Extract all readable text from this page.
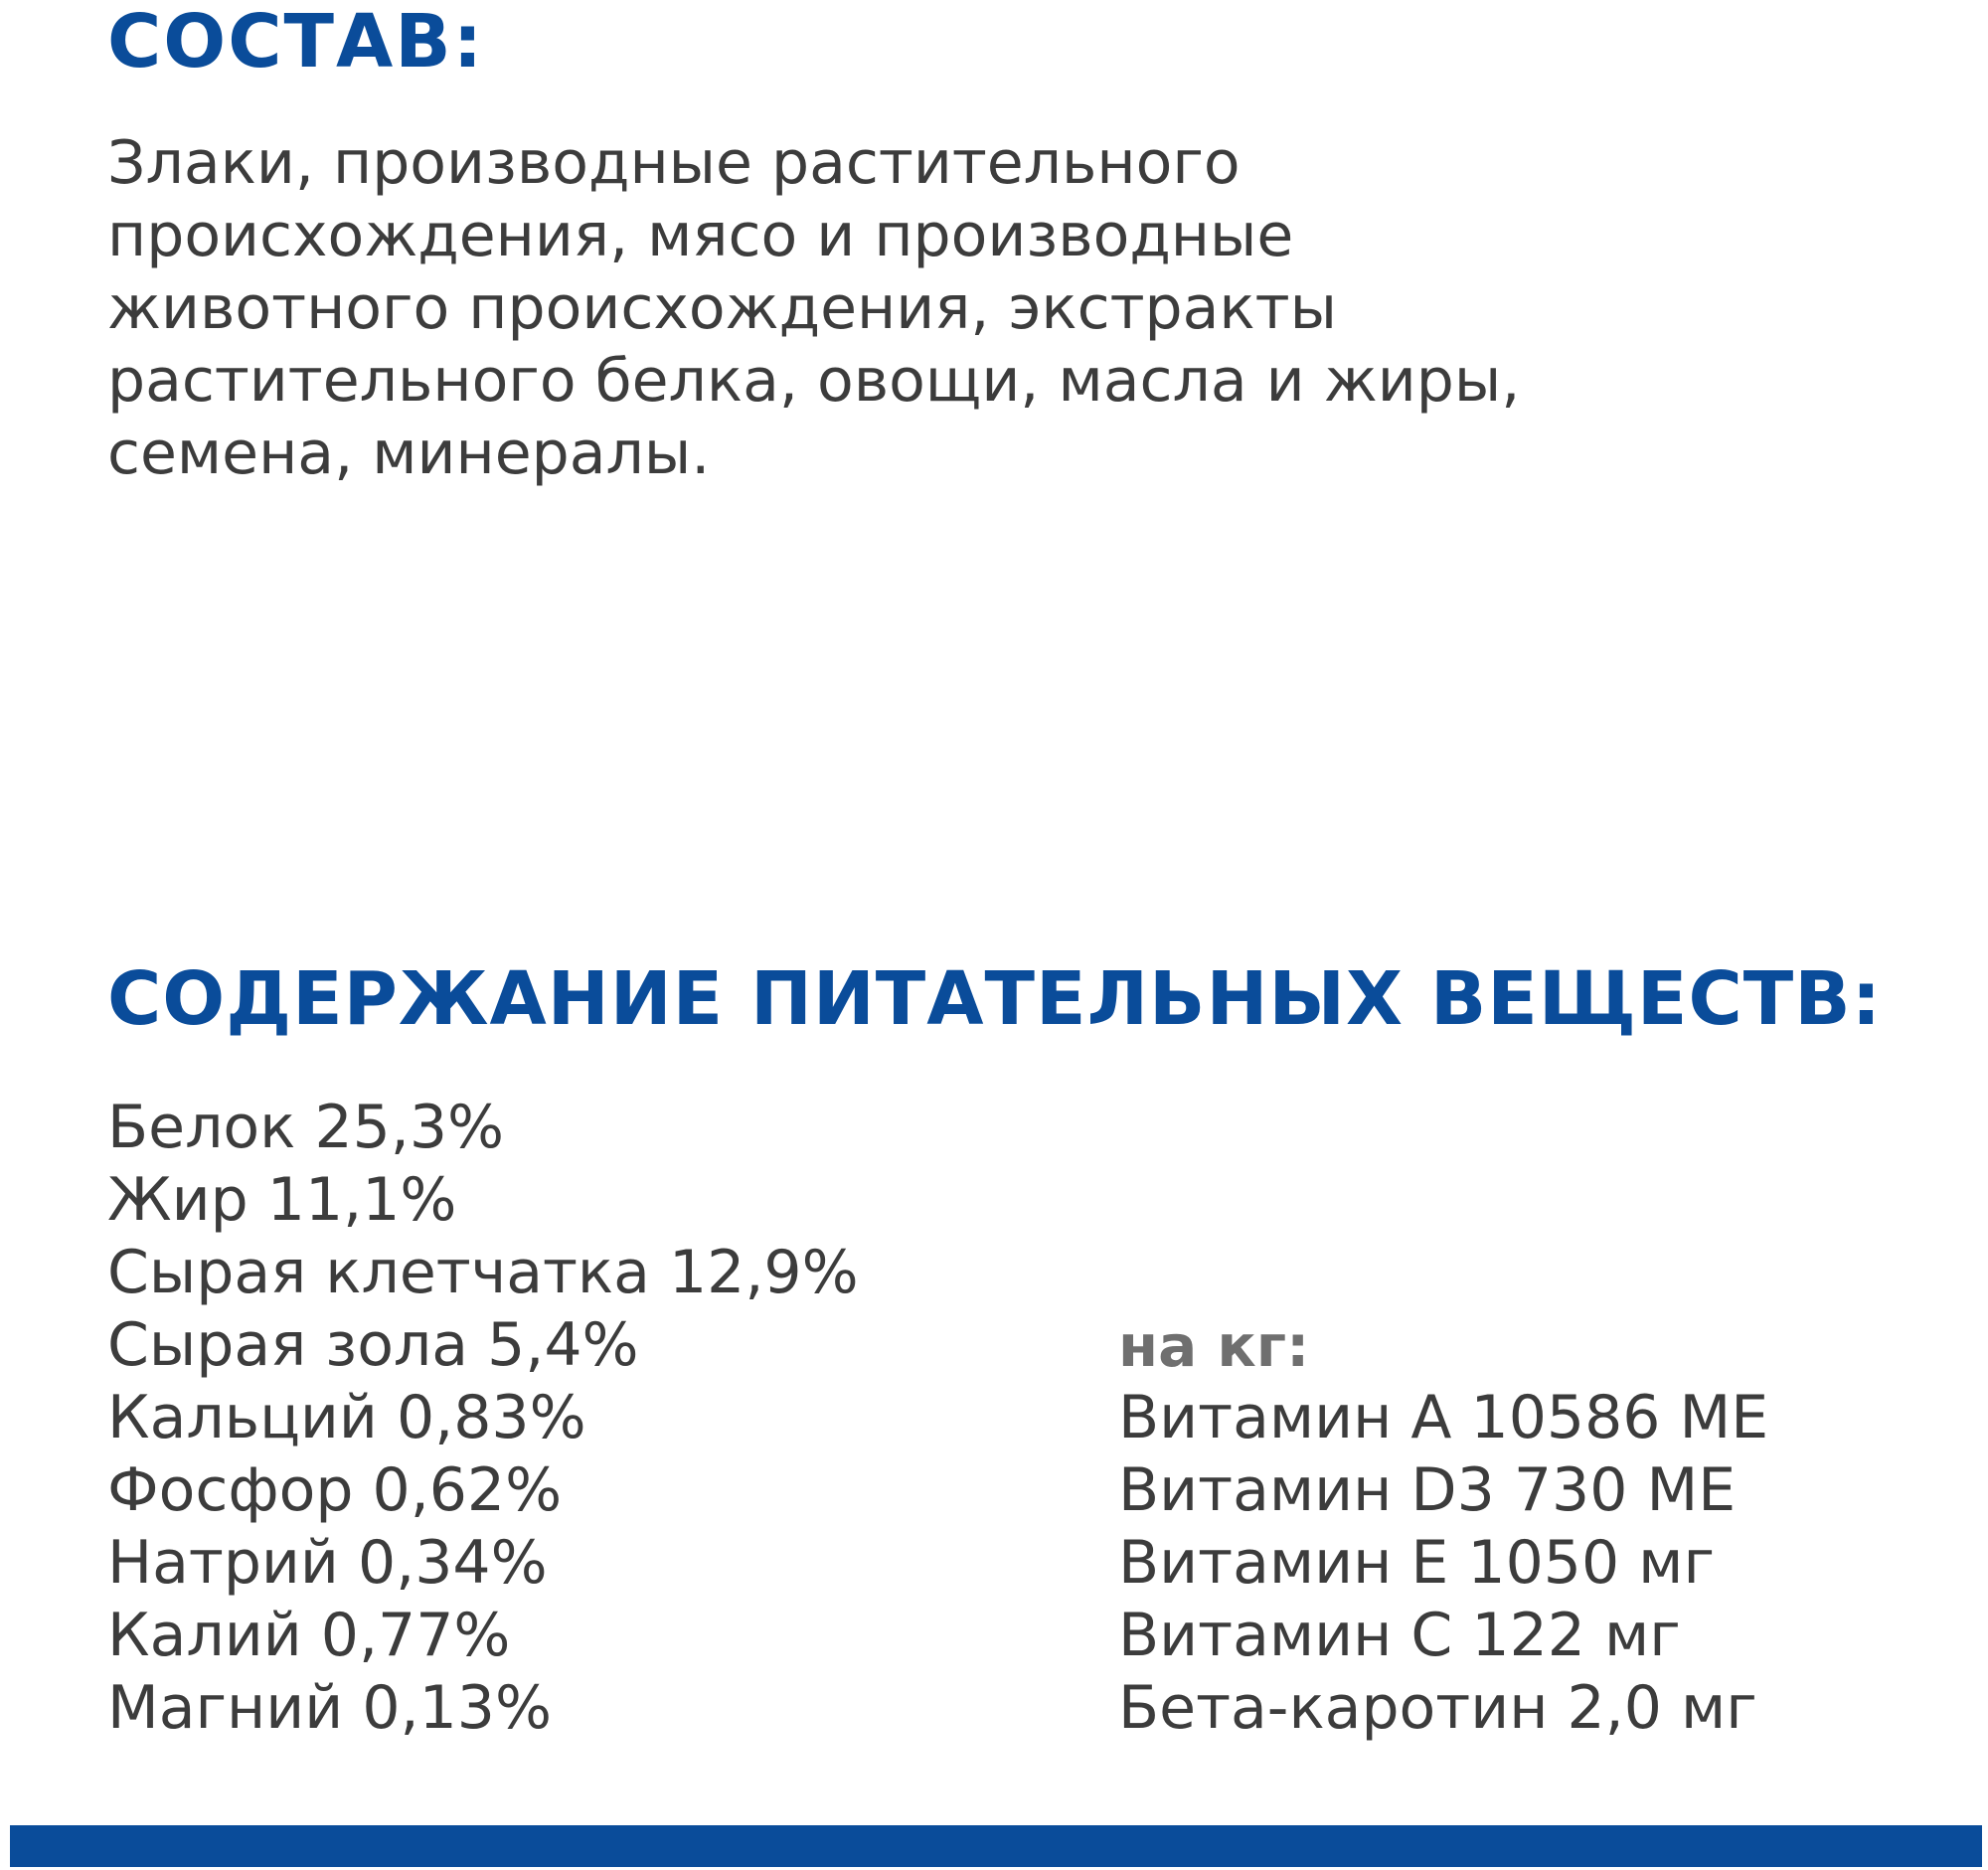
СОСТАВ:
Злаки, производные растительного
происхождения, мясо и производные
животного происхождения, экстракты
растительного белка, овощи, масла и жиры,
семена, минералы.
СОДЕРЖАНИЕ ПИТАТЕЛЬНЫХ ВЕЩЕСТВ:
Белок 25,3%
Жир 11,1%
Сырая клетчатка 12,9%
Сырая зола 5,4%
Кальций 0,83%
Фосфор 0,62%
Натрий 0,34%
Калий 0,77%
Магний 0,13%
на кг:
Витамин А 10586 МЕ
Витамин D3 730 МЕ
Витамин Е 1050 мг
Витамин С 122 мг
Бета-каротин 2,0 мг
